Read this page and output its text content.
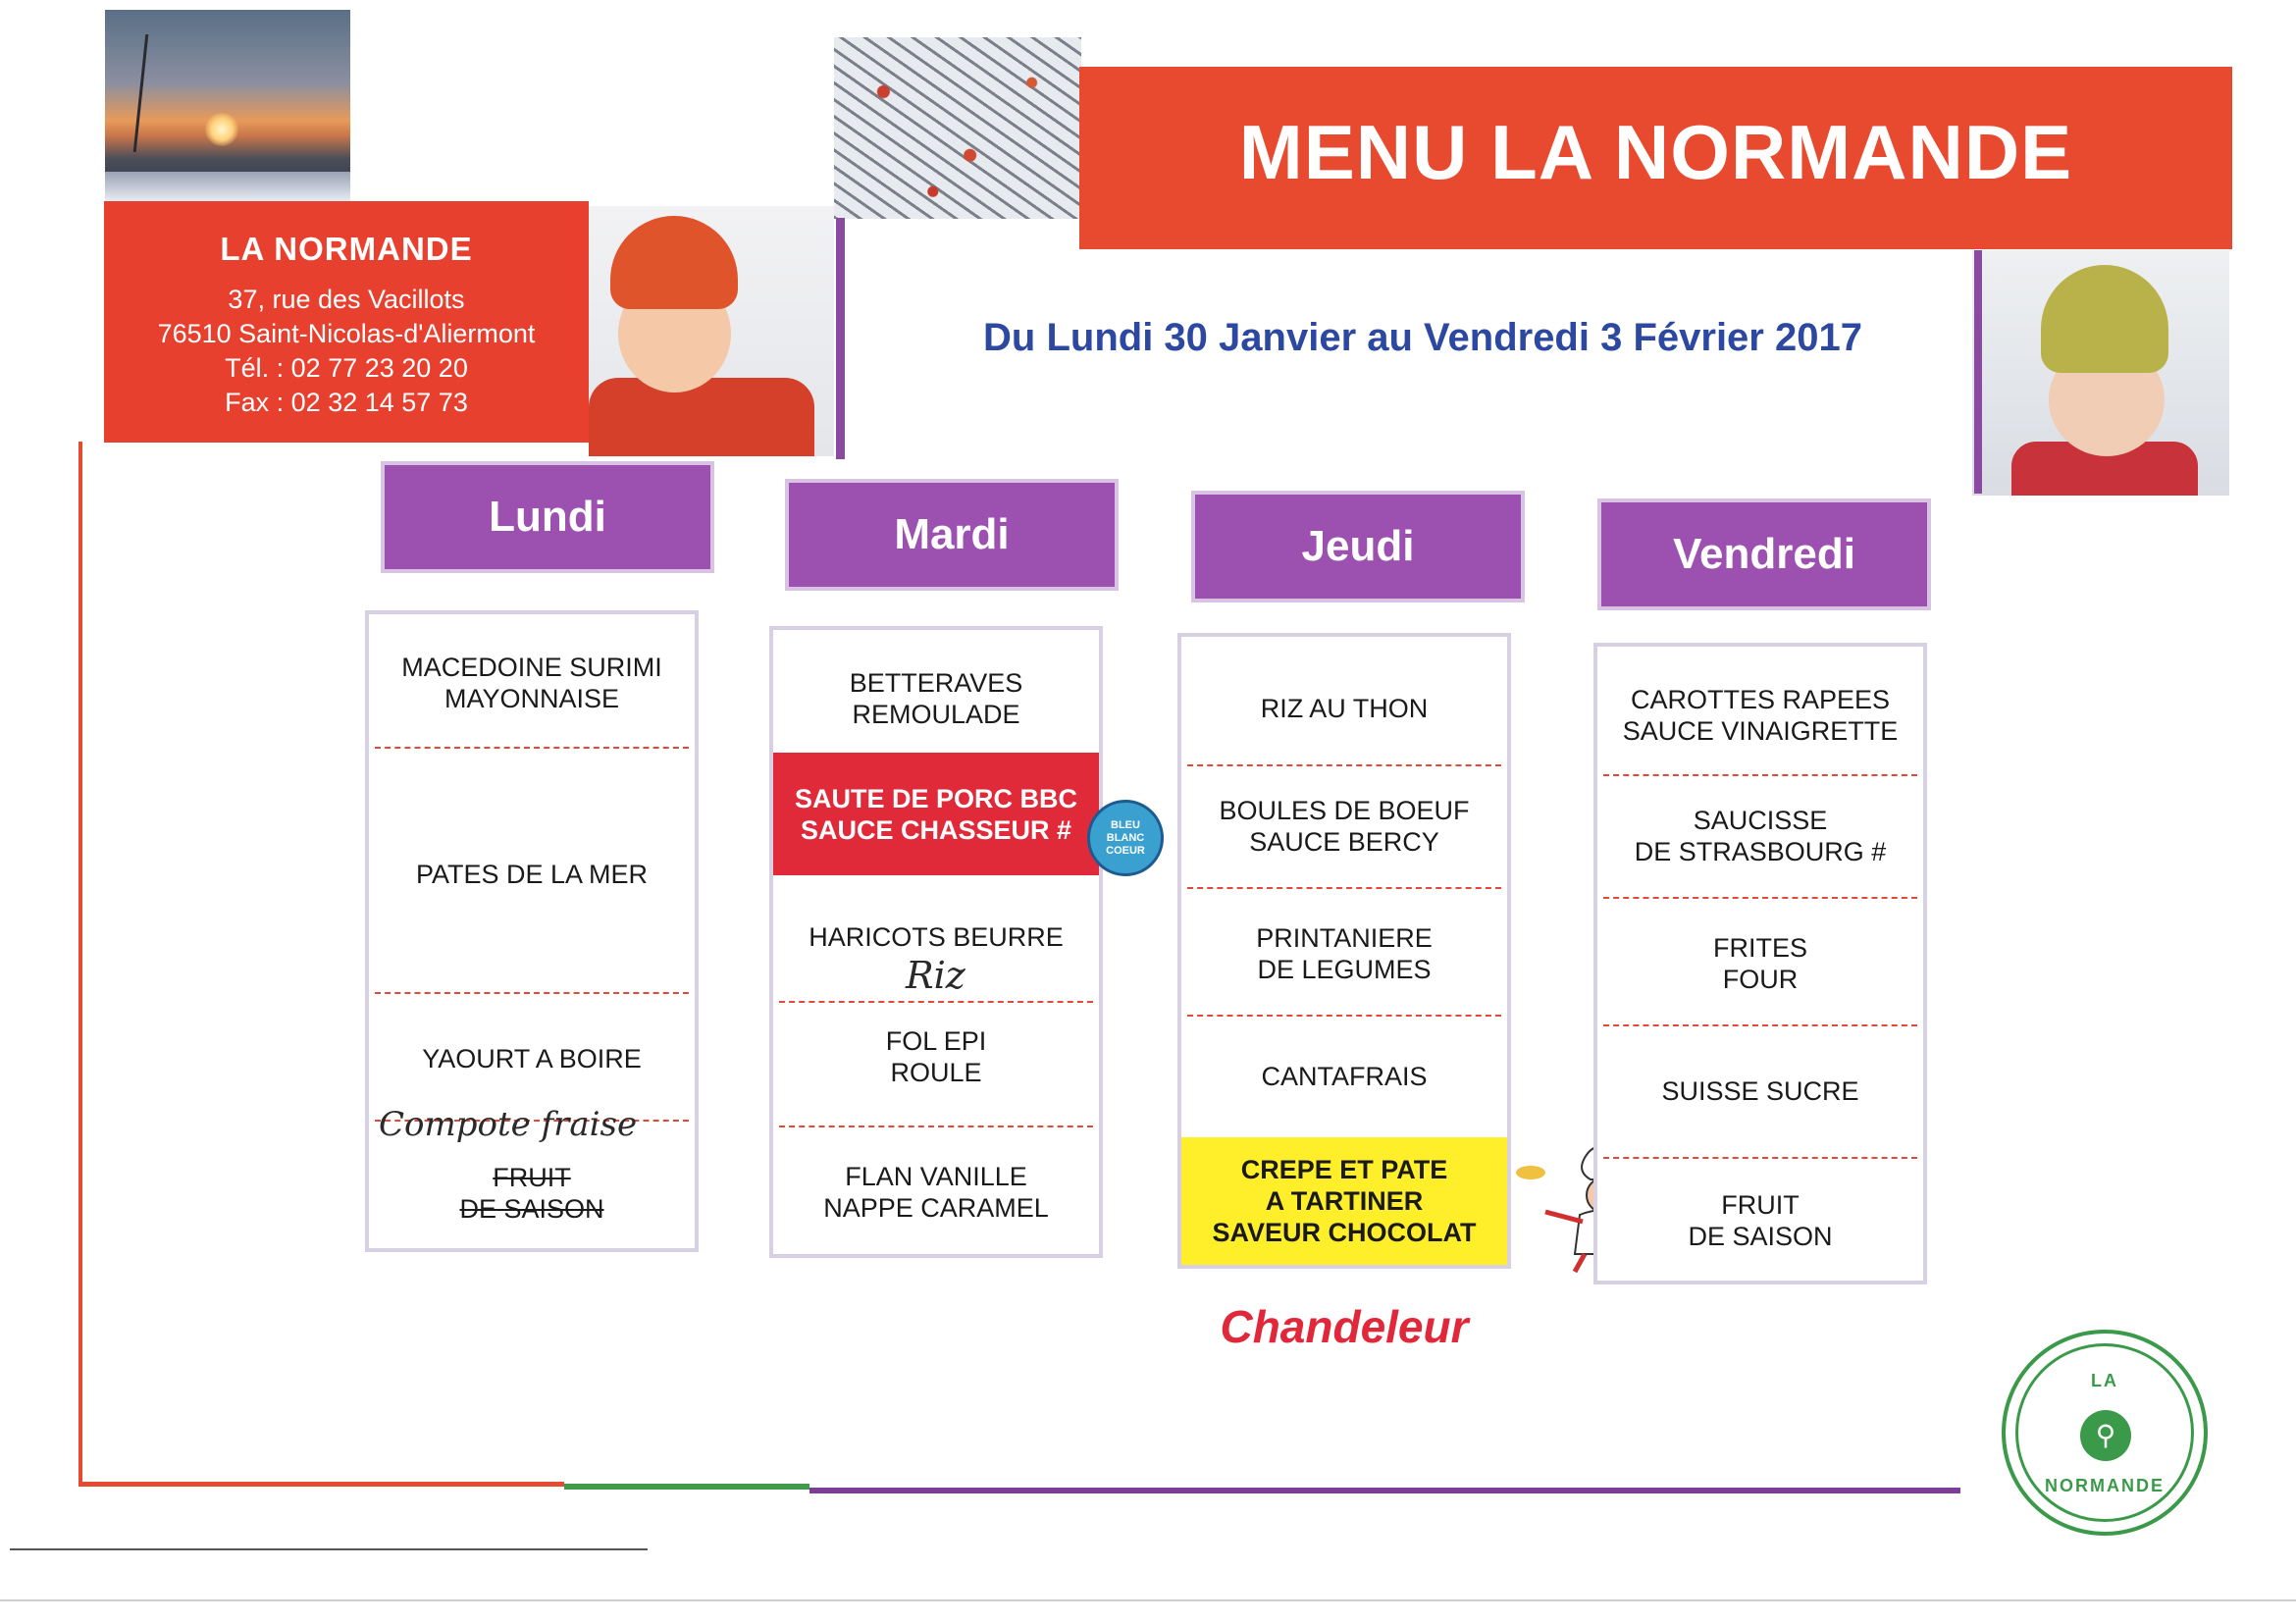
LA NORMANDE
37, rue des Vacillots
76510 Saint-Nicolas-d'Aliermont
Tél. : 02 77 23 20 20
Fax : 02 32 14 57 73
MENU LA NORMANDE
Du Lundi 30 Janvier au Vendredi 3 Février 2017
Lundi	Mardi	Jeudi	Vendredi
MACEDOINE SURIMI
MAYONNAISE
PATES DE LA MER
YAOURT A BOIRE
FRUIT
DE SAISON
Compote fraise
BETTERAVES
REMOULADE
SAUTE DE PORC BBC
SAUCE CHASSEUR #
HARICOTS BEURRE
Riz
FOL EPI
ROULE
FLAN VANILLE
NAPPE CARAMEL
BLEU
BLANC
COEUR
RIZ AU THON
BOULES DE BOEUF
SAUCE BERCY
PRINTANIERE
DE LEGUMES
CANTAFRAIS
CREPE ET PATE
A TARTINER
SAVEUR CHOCOLAT
CAROTTES RAPEES
SAUCE VINAIGRETTE
SAUCISSE
DE STRASBOURG #
FRITES
FOUR
SUISSE SUCRE
FRUIT
DE SAISON
Chandeleur
LA
⚲
NORMANDE
